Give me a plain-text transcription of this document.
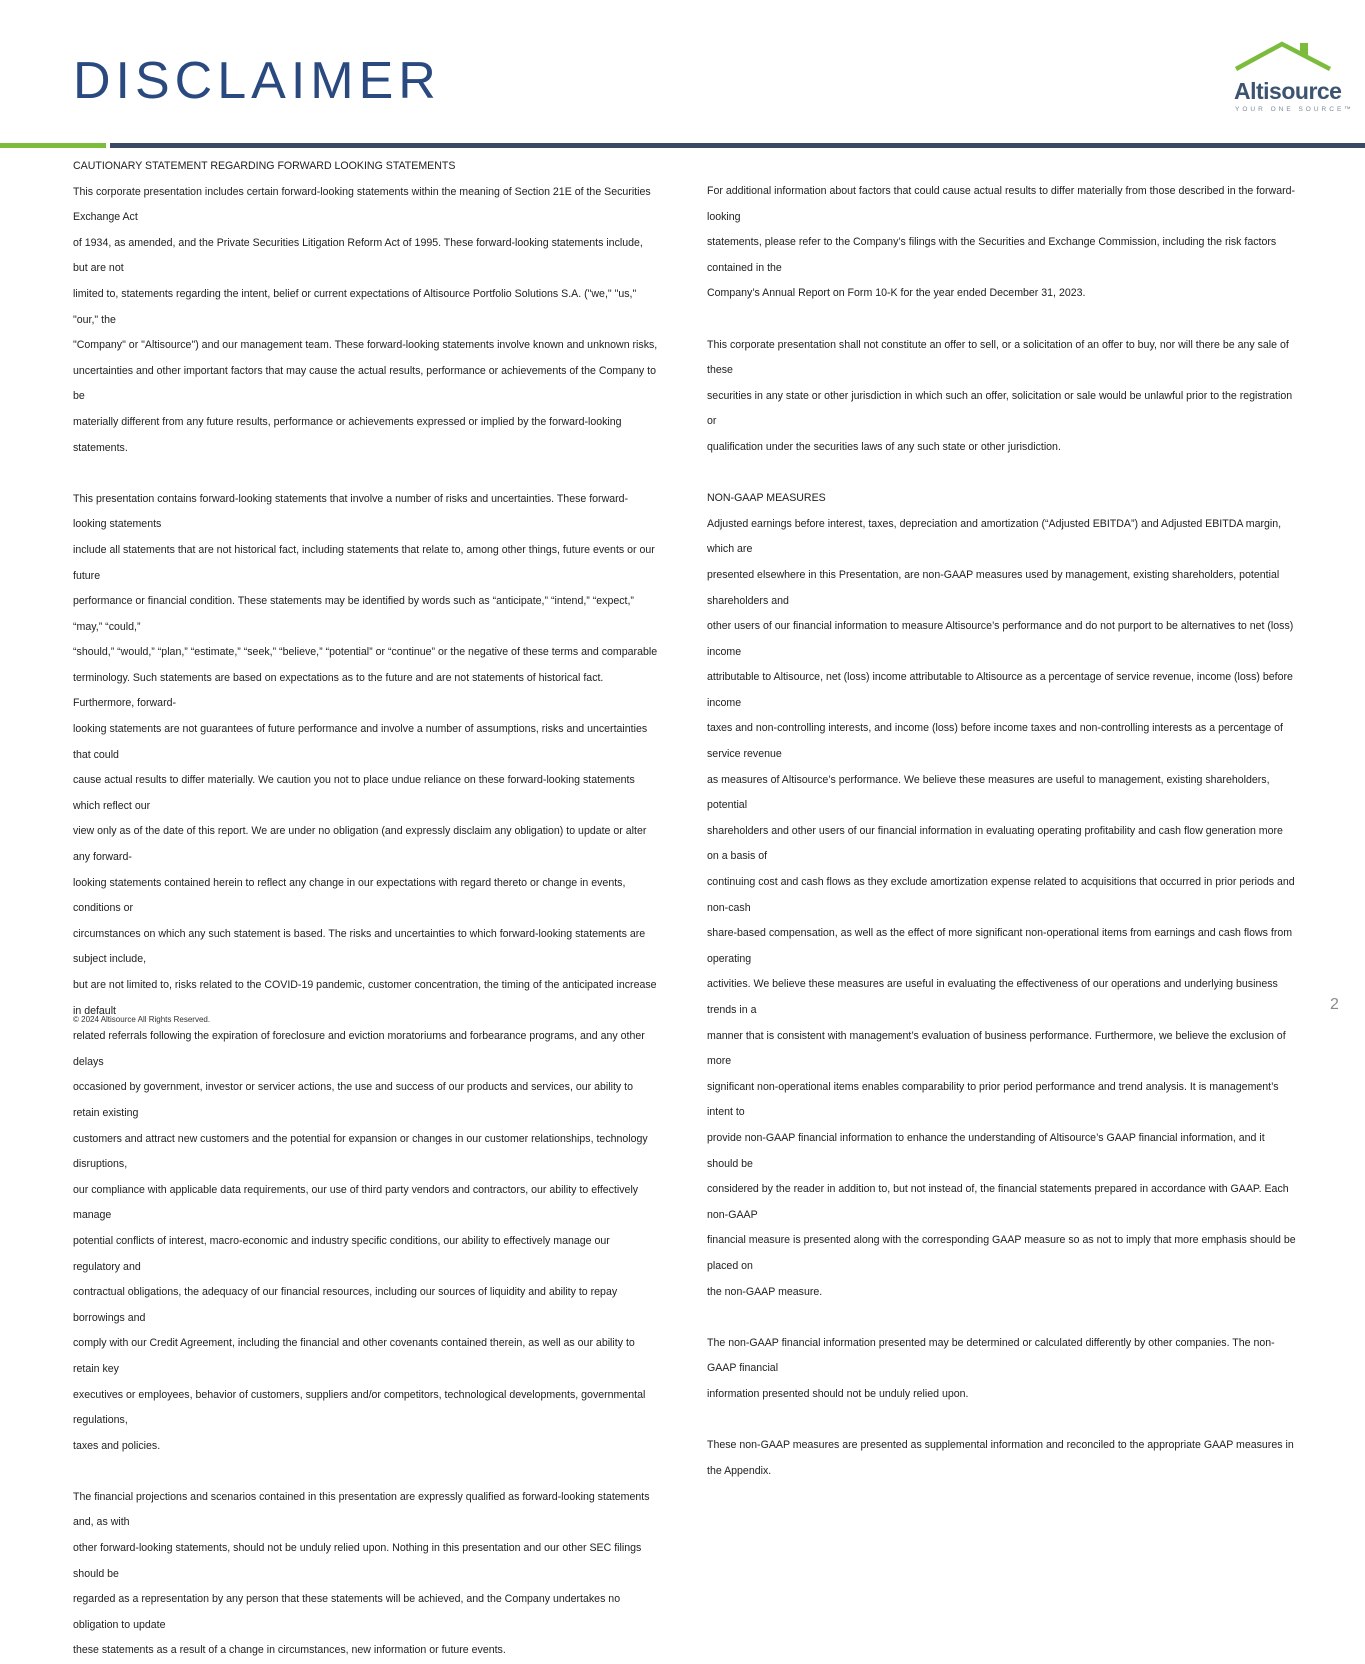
DISCLAIMER	Altisource
YOUR ONE SOURCE™

CAUTIONARY STATEMENT REGARDING FORWARD LOOKING STATEMENTS

This corporate presentation includes certain forward-looking statements within the meaning of Section 21E of the Securities Exchange Act

of 1934, as amended, and the Private Securities Litigation Reform Act of 1995. These forward-looking statements include, but are not

limited to, statements regarding the intent, belief or current expectations of Altisource Portfolio Solutions S.A. ("we," "us," "our," the

"Company" or "Altisource") and our management team. These forward-looking statements involve known and unknown risks,

uncertainties and other important factors that may cause the actual results, performance or achievements of the Company to be

materially different from any future results, performance or achievements expressed or implied by the forward-looking statements.

This presentation contains forward-looking statements that involve a number of risks and uncertainties. These forward-looking statements

include all statements that are not historical fact, including statements that relate to, among other things, future events or our future

performance or financial condition. These statements may be identified by words such as “anticipate,” “intend,” “expect,” “may,” “could,”

“should,” “would,” “plan,” “estimate,” “seek,” “believe,” “potential” or “continue” or the negative of these terms and comparable

terminology. Such statements are based on expectations as to the future and are not statements of historical fact. Furthermore, forward-

looking statements are not guarantees of future performance and involve a number of assumptions, risks and uncertainties that could

cause actual results to differ materially. We caution you not to place undue reliance on these forward-looking statements which reflect our

view only as of the date of this report. We are under no obligation (and expressly disclaim any obligation) to update or alter any forward-

looking statements contained herein to reflect any change in our expectations with regard thereto or change in events, conditions or

circumstances on which any such statement is based. The risks and uncertainties to which forward-looking statements are subject include,

but are not limited to, risks related to the COVID-19 pandemic, customer concentration, the timing of the anticipated increase in default

related referrals following the expiration of foreclosure and eviction moratoriums and forbearance programs, and any other delays

occasioned by government, investor or servicer actions, the use and success of our products and services, our ability to retain existing

customers and attract new customers and the potential for expansion or changes in our customer relationships, technology disruptions,

our compliance with applicable data requirements, our use of third party vendors and contractors, our ability to effectively manage

potential conflicts of interest, macro-economic and industry specific conditions, our ability to effectively manage our regulatory and

contractual obligations, the adequacy of our financial resources, including our sources of liquidity and ability to repay borrowings and

comply with our Credit Agreement, including the financial and other covenants contained therein, as well as our ability to retain key

executives or employees, behavior of customers, suppliers and/or competitors, technological developments, governmental regulations,

taxes and policies.

The financial projections and scenarios contained in this presentation are expressly qualified as forward-looking statements and, as with

other forward-looking statements, should not be unduly relied upon. Nothing in this presentation and our other SEC filings should be

regarded as a representation by any person that these statements will be achieved, and the Company undertakes no obligation to update

these statements as a result of a change in circumstances, new information or future events.

For additional information about factors that could cause actual results to differ materially from those described in the forward-looking

statements, please refer to the Company’s filings with the Securities and Exchange Commission, including the risk factors contained in the

Company’s Annual Report on Form 10-K for the year ended December 31, 2023.

This corporate presentation shall not constitute an offer to sell, or a solicitation of an offer to buy, nor will there be any sale of these

securities in any state or other jurisdiction in which such an offer, solicitation or sale would be unlawful prior to the registration or

qualification under the securities laws of any such state or other jurisdiction.

NON-GAAP MEASURES

Adjusted earnings before interest, taxes, depreciation and amortization (“Adjusted EBITDA”) and Adjusted EBITDA margin, which are

presented elsewhere in this Presentation, are non-GAAP measures used by management, existing shareholders, potential shareholders and

other users of our financial information to measure Altisource’s performance and do not purport to be alternatives to net (loss) income

attributable to Altisource, net (loss) income attributable to Altisource as a percentage of service revenue, income (loss) before income

taxes and non-controlling interests, and income (loss) before income taxes and non-controlling interests as a percentage of service revenue

as measures of Altisource’s performance. We believe these measures are useful to management, existing shareholders, potential

shareholders and other users of our financial information in evaluating operating profitability and cash flow generation more on a basis of

continuing cost and cash flows as they exclude amortization expense related to acquisitions that occurred in prior periods and non-cash

share-based compensation, as well as the effect of more significant non-operational items from earnings and cash flows from operating

activities. We believe these measures are useful in evaluating the effectiveness of our operations and underlying business trends in a

manner that is consistent with management’s evaluation of business performance. Furthermore, we believe the exclusion of more

significant non-operational items enables comparability to prior period performance and trend analysis. It is management’s intent to

provide non-GAAP financial information to enhance the understanding of Altisource’s GAAP financial information, and it should be

considered by the reader in addition to, but not instead of, the financial statements prepared in accordance with GAAP. Each non-GAAP

financial measure is presented along with the corresponding GAAP measure so as not to imply that more emphasis should be placed on

the non-GAAP measure.

The non-GAAP financial information presented may be determined or calculated differently by other companies. The non-GAAP financial

information presented should not be unduly relied upon.

These non-GAAP measures are presented as supplemental information and reconciled to the appropriate GAAP measures in the Appendix.

© 2024 Altisource All Rights Reserved.
2
